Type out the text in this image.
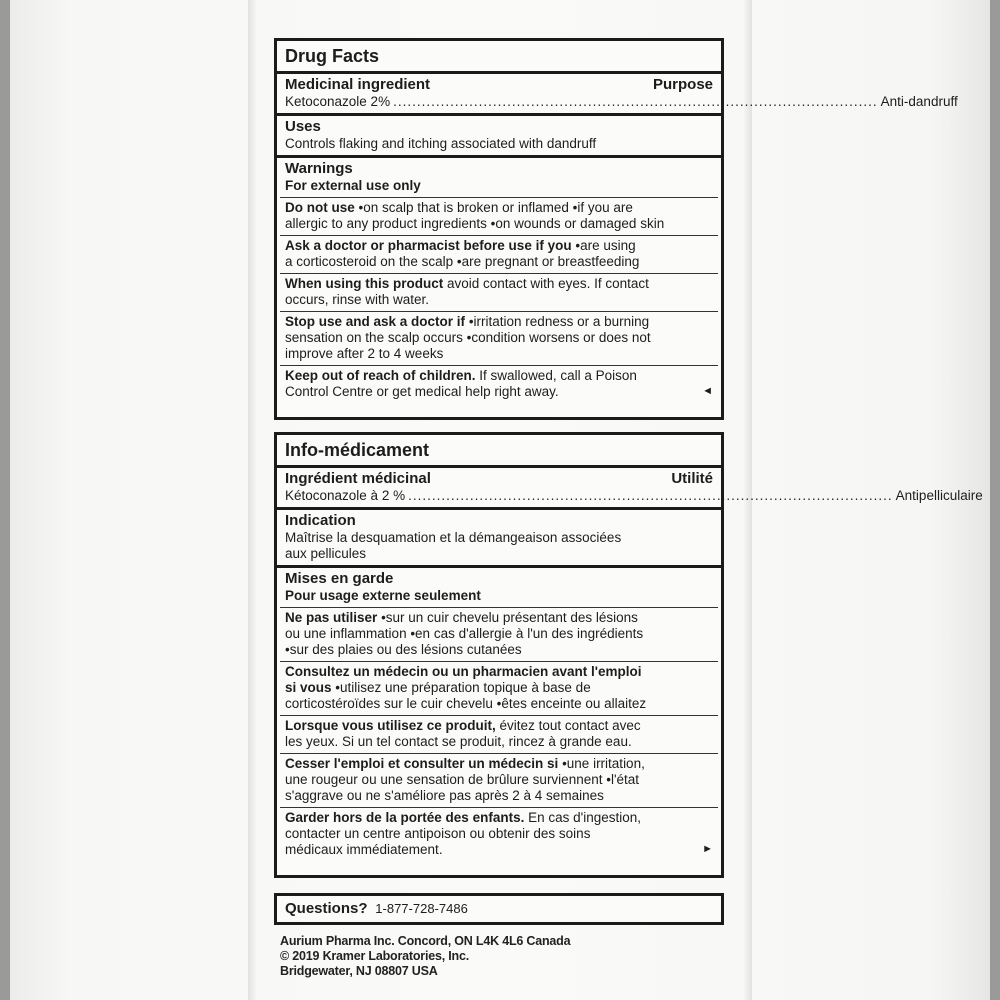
Drug Facts
Medicinal ingredient	Purpose
Ketoconazole 2% ...................................................................................................... Anti-dandruff
Uses
Controls flaking and itching associated with dandruff
Warnings
For external use only
Do not use •on scalp that is broken or inflamed •if you are
allergic to any product ingredients •on wounds or damaged skin
Ask a doctor or pharmacist before use if you •are using
a corticosteroid on the scalp •are pregnant or breastfeeding
When using this product avoid contact with eyes. If contact
occurs, rinse with water.
Stop use and ask a doctor if •irritation redness or a burning
sensation on the scalp occurs •condition worsens or does not
improve after 2 to 4 weeks
Keep out of reach of children. If swallowed, call a Poison
Control Centre or get medical help right away.	◄
Info-médicament
Ingrédient médicinal	Utilité
Kétoconazole à 2 % ...................................................................................................... Antipelliculaire
Indication
Maîtrise la desquamation et la démangeaison associées
aux pellicules
Mises en garde
Pour usage externe seulement
Ne pas utiliser •sur un cuir chevelu présentant des lésions
ou une inflammation •en cas d'allergie à l'un des ingrédients
•sur des plaies ou des lésions cutanées
Consultez un médecin ou un pharmacien avant l'emploi
si vous •utilisez une préparation topique à base de
corticostéroïdes sur le cuir chevelu •êtes enceinte ou allaitez
Lorsque vous utilisez ce produit, évitez tout contact avec
les yeux. Si un tel contact se produit, rincez à grande eau.
Cesser l'emploi et consulter un médecin si •une irritation,
une rougeur ou une sensation de brûlure surviennent •l'état
s'aggrave ou ne s'améliore pas après 2 à 4 semaines
Garder hors de la portée des enfants. En cas d'ingestion,
contacter un centre antipoison ou obtenir des soins
médicaux immédiatement.	►
Questions? 1-877-728-7486
Aurium Pharma Inc. Concord, ON L4K 4L6 Canada
© 2019 Kramer Laboratories, Inc.
Bridgewater, NJ 08807 USA
